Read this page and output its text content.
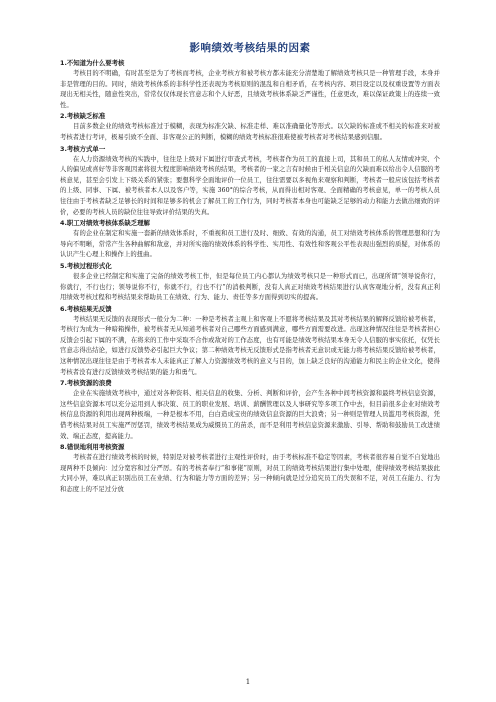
影响绩效考核结果的因素
1.不知道为什么要考核

考核目的不明确，有时甚至是为了考核而考核，企业考核方和被考核方都未能充分清楚地了解绩效考核只是一种管理手段，本身并非是管理的目的。同时，绩效考核体系的非科学性还表现为考核原则的混乱和自相矛盾，在考核内容、项目设定以及权重设置等方面表现出无相关性，随意性突出，常常仅仅体现长官意志和个人好恶，且绩效考核体系缺乏严谨性，任意更改，难以保证政策上的连续一致性。

2.考核缺乏标准

目前多数企业的绩效考核标准过于模糊，表现为标准欠缺、标准走样、难以准确量化等形式。以欠缺的标准或不相关的标准来对被考核者进行考评，极易引致不全面、非客观公正的判断，模糊的绩效考核标准很难使被考核者对考核结果感到信服。

3.考核方式单一

在人力资源绩效考核的实践中，往往是上级对下属进行审查式考核，考核者作为员工的直接上司，其和员工的私人友情或冲突、个人的偏见或喜好等非客观因素将很大程度影响绩效考核的结果，考核者的一家之言有时候由于相关信息的欠缺而难以给出令人信服的考核意见，甚至会引发上下级关系的紧张；要想科学全面地评价一位员工，往往需要以多视角来观察和判断，考核者一般应该包括考核者的上级、同事、下属、被考核者本人以及客户等，实施 360°的综合考核，从而得出相对客观、全面精确的考核意见，单一的考核人员往往由于考核者缺乏足够长的时间和足够多的机会了解员工的工作行为，同时考核者本身也可能缺乏足够的动力和能力去做出细致的评价，必要的考核人员的缺位往往导致评价结果的失真。

4.职工对绩效考核体系缺乏理解

有的企业在制定和实施一套新的绩效体系时，不重视和员工进行及时、细致、有效的沟通，员工对绩效考核体系的管理思想和行为导向不明晰，常常产生各种曲解和敌意，并对所实施的绩效体系的科学性、实用性、有效性和客观公平性表现出强烈的质疑，对体系的认识产生心理上和操作上的扭曲。

5.考核过程形式化

很多企业已经制定和实施了完备的绩效考核工作，但是每位员工内心都认为绩效考核只是一种形式而已，出现所谓“领导说你行，你就行，不行也行；领导说你不行，你就不行，行也不行”的消极判断，没有人真正对绩效考核结果进行认真客观地分析，没有真正利用绩效考核过程和考核结果来帮助员工在绩效、行为、能力、责任等多方面得到切实的提高。

6.考核结果无反馈

考核结果无反馈的表现形式一般分为二种：一种是考核者主观上和客观上不愿将考核结果及其对考核结果的解释反馈给被考核者，考核行为成为一种暗箱操作，被考核者无从知道考核者对自己哪些方面感到满意，哪些方面需要改进。出现这种情况往往是考核者担心反馈会引起下属的不满，在将来的工作中采取不合作或敌对的工作态度，也有可能是绩效考核结果本身无令人信服的事实依托，仅凭长官意志得出结论，如进行反馈势必引起巨大争议；第二种绩效考核无反馈形式是指考核者无意识或无能力将考核结果反馈给被考核者，这种情况出现往往是由于考核者本人未能真正了解人力资源绩效考核的意义与目的，加上缺乏良好的沟通能力和民主的企业文化，使得考核者没有进行反馈绩效考核结果的能力和勇气。

7.考核资源的浪费

企业在实施绩效考核中，通过对各种资料、相关信息的收集、分析、判断和评价，会产生各种中间考核资源和最终考核信息资源，这些信息资源本可以充分运用到人事决策、员工的职业发展、培训、薪酬管理以及人事研究等多项工作中去，但目前很多企业对绩效考核信息资源的利用出现两种极端，一种是根本不用，白白造成宝贵的绩效信息资源的巨大浪费；另一种则是管理人员滥用考核资源，凭借考核结果对员工实施严厉惩罚，绩效考核结果成为威慑员工的苗杀，而不是利用考核信息资源来激励、引导、帮助和鼓励员工改进绩效、端正态度，提高能力。

8.错误地利用考核资源

考核者在进行绩效考核的时候，特别是对被考核者进行主观性评价时，由于考核标准不稳定等因素，考核者很容易自觉不自觉地出现两种不良倾向：过分宽容和过分严厉。有的考核者奉行“和事佬”原则，对员工的绩效考核结果进行集中处理，使得绩效考核结果拔此大同小异，难以真正识别出员工在业绩、行为和能力等方面的差异；另一种倾向就是过分追究员工的失误和不足，对员工在能力、行为和态度上的不足过分放

1
